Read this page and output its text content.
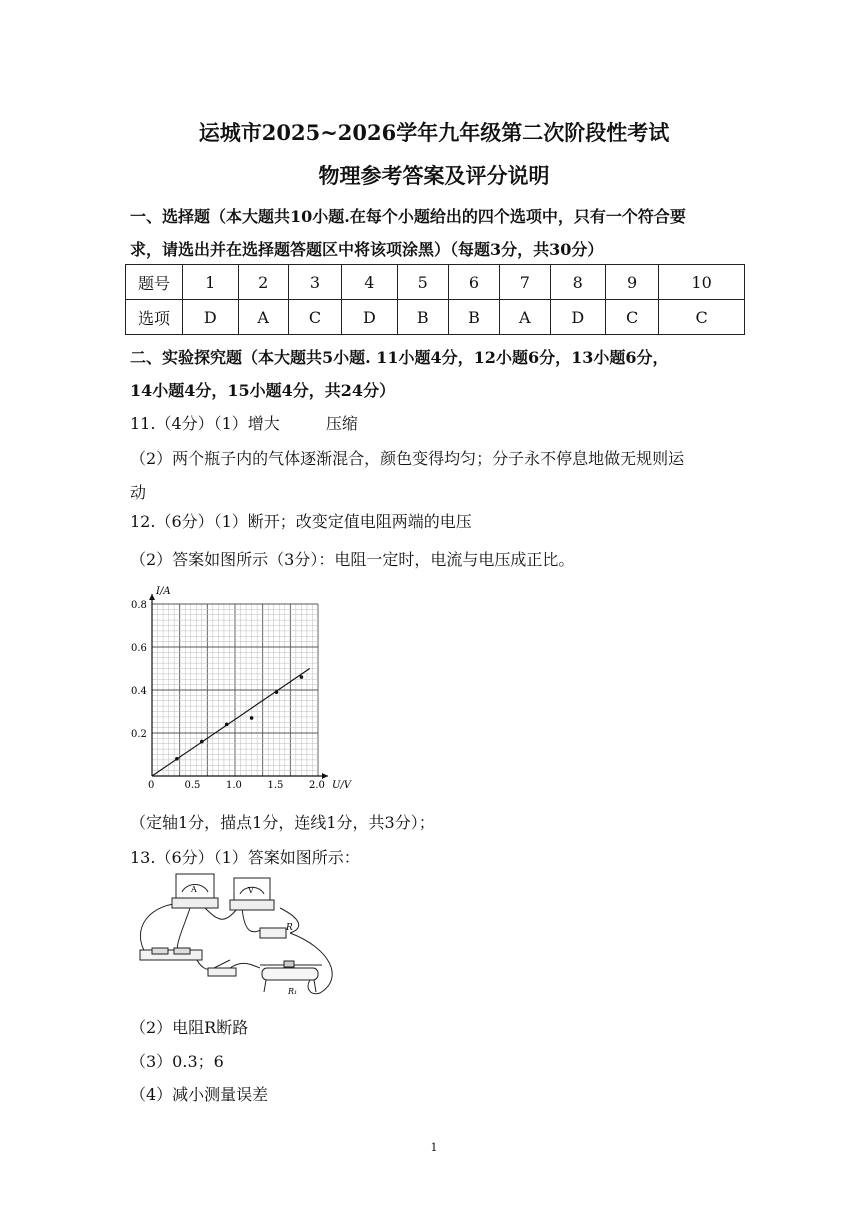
运城市2025~2026学年九年级第二次阶段性考试
物理参考答案及评分说明
一、选择题（本大题共10小题.在每个小题给出的四个选项中，只有一个符合要
求，请选出并在选择题答题区中将该项涂黑）（每题3分，共30分）
题号	1	2	3	4	5	6	7	8	9	10
选项	D	A	C	D	B	B	A	D	C	C
二、实验探究题（本大题共5小题. 11小题4分，12小题6分，13小题6分，
14小题4分，15小题4分，共24分）
11.（4分）（1）增大	压缩
（2）两个瓶子内的气体逐渐混合，颜色变得均匀；分子永不停息地做无规则运
动
12.（6分）（1）断开；改变定值电阻两端的电压
（2）答案如图所示（3分）：电阻一定时，电流与电压成正比。
0	0.5	1.0	1.5	2.0
0.2
0.4
0.6
0.8
U/V
I/A
（定轴1分，描点1分，连线1分，共3分）；
13.（6分）（1）答案如图所示：
A	V
R
R₁
（2）电阻R断路
（3）0.3；6
（4）减小测量误差
1
